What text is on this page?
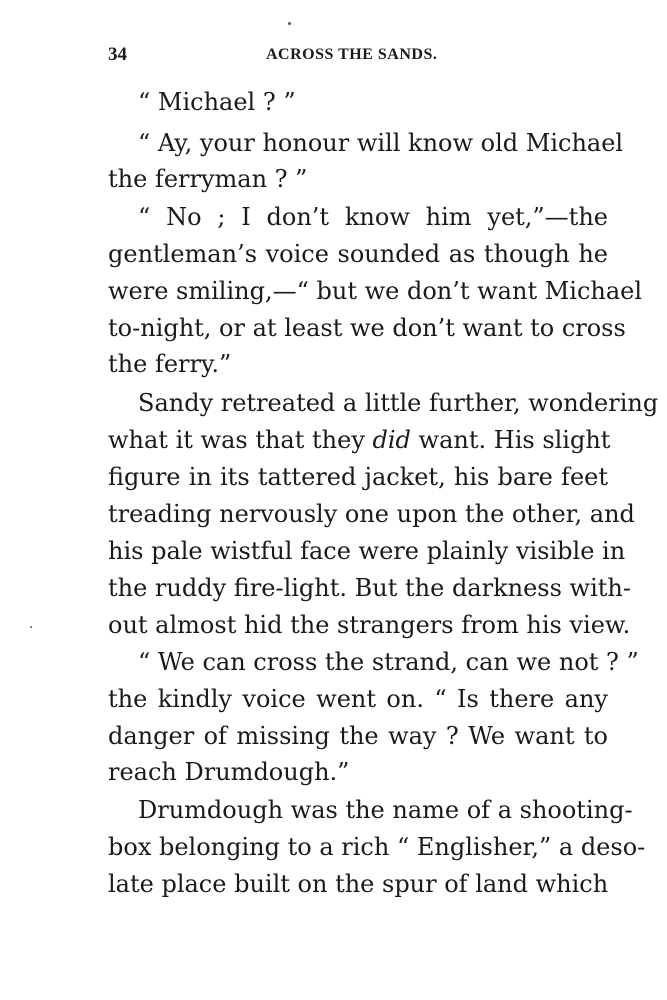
34	ACROSS THE SANDS.
“ Michael ? ”
“ Ay, your honour will know old Michael
the ferryman ? ”
“ No ; I don’t know him yet,”—the
gentleman’s voice sounded as though he
were smiling,—“ but we don’t want Michael
to-night, or at least we don’t want to cross
the ferry.”
Sandy retreated a little further, wondering
what it was that they did want. His slight
figure in its tattered jacket, his bare feet
treading nervously one upon the other, and
his pale wistful face were plainly visible in
the ruddy fire-light. But the darkness with-
out almost hid the strangers from his view.
“ We can cross the strand, can we not ? ”
the kindly voice went on. “ Is there any
danger of missing the way ? We want to
reach Drumdough.”
Drumdough was the name of a shooting-
box belonging to a rich “ Englisher,” a deso-
late place built on the spur of land which
